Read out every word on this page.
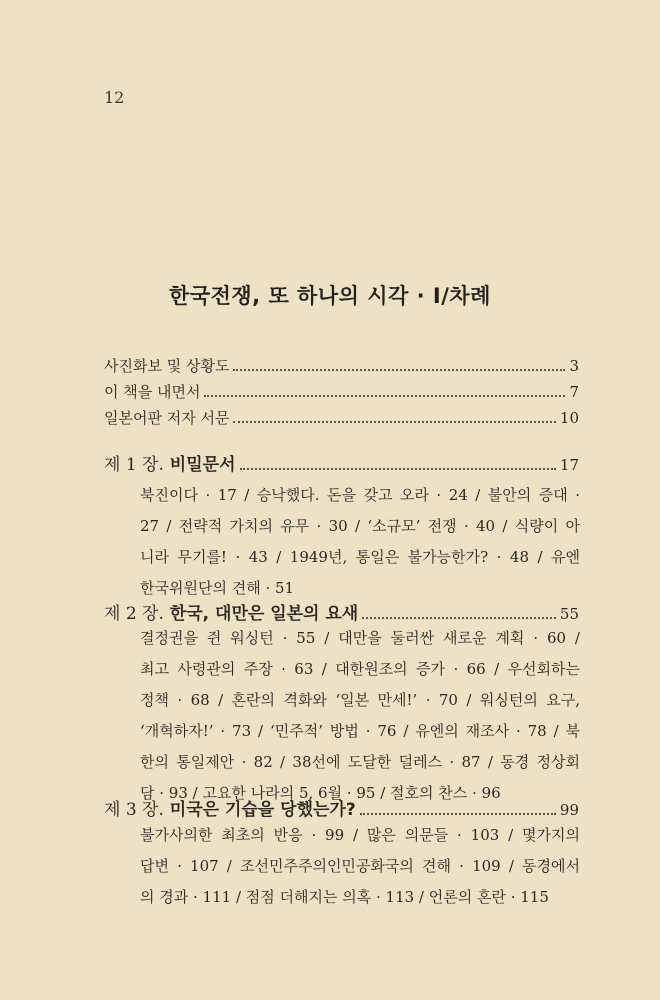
12
한국전쟁, 또 하나의 시각 · Ⅰ/차례
사진화보 및 상황도	3
이 책을 내면서	7
일본어판 저자 서문	10
제 1 장. 비밀문서	17
북진이다 · 17 / 승낙했다. 돈을 갖고 오라 · 24 / 불안의 증대 ·
27 / 전략적 가치의 유무 · 30 / ‘소규모’ 전쟁 · 40 / 식량이 아
니라 무기를! · 43 / 1949년, 통일은 불가능한가? · 48 / 유엔
한국위원단의 견해 · 51
제 2 장. 한국, 대만은 일본의 요새	55
결정권을 쥔 워싱턴 · 55 / 대만을 둘러싼 새로운 계획 · 60 /
최고 사령관의 주장 · 63 / 대한원조의 증가 · 66 / 우선회하는
정책 · 68 / 혼란의 격화와 ‘일본 만세!’ · 70 / 워싱턴의 요구,
‘개혁하자!’ · 73 / ‘민주적’ 방법 · 76 / 유엔의 재조사 · 78 / 북
한의 통일제안 · 82 / 38선에 도달한 덜레스 · 87 / 동경 정상회
담 · 93 / 고요한 나라의 5, 6월 · 95 / 절호의 찬스 · 96
제 3 장. 미국은 기습을 당했는가?	99
불가사의한 최초의 반응 · 99 / 많은 의문들 · 103 / 몇가지의
답변 · 107 / 조선민주주의인민공화국의 견해 · 109 / 동경에서
의 경과 · 111 / 점점 더해지는 의혹 · 113 / 언론의 혼란 · 115
